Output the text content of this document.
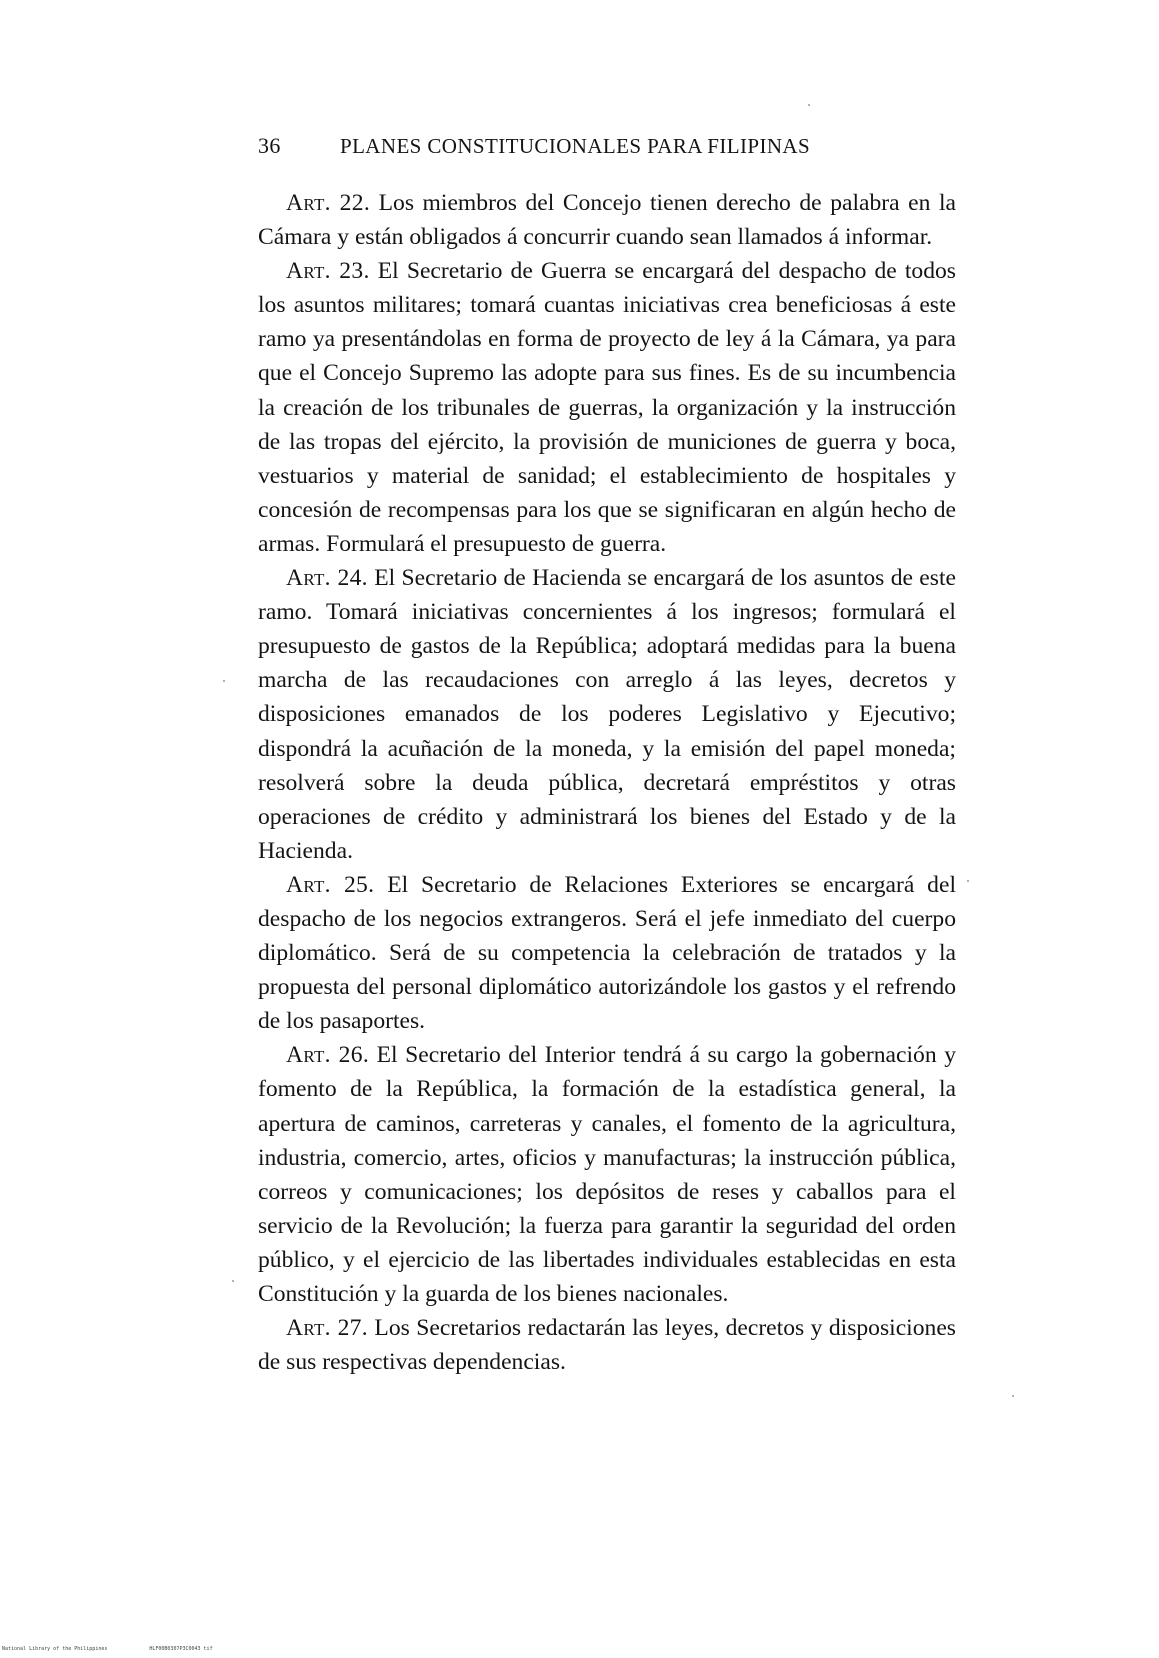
36	PLANES CONSTITUCIONALES PARA FILIPINAS

Art. 22. Los miembros del Concejo tienen derecho de palabra en la Cámara y están obligados á concurrir cuando sean llamados á informar.

Art. 23. El Secretario de Guerra se encargará del despacho de todos los asuntos militares; tomará cuantas iniciativas crea beneficiosas á este ramo ya presentándolas en forma de proyecto de ley á la Cámara, ya para que el Concejo Supremo las adopte para sus fines. Es de su incumbencia la creación de los tribunales de guerras, la organización y la instrucción de las tropas del ejército, la provisión de municiones de guerra y boca, vestuarios y material de sanidad; el establecimiento de hospitales y concesión de recompensas para los que se significaran en algún hecho de armas. Formulará el presupuesto de guerra.

Art. 24. El Secretario de Hacienda se encargará de los asuntos de este ramo. Tomará iniciativas concernientes á los ingresos; formulará el presupuesto de gastos de la República; adoptará medidas para la buena marcha de las recaudaciones con arreglo á las leyes, decretos y disposiciones emanados de los poderes Legislativo y Ejecutivo; dispondrá la acuñación de la moneda, y la emisión del papel moneda; resolverá sobre la deuda pública, decretará empréstitos y otras operaciones de crédito y administrará los bienes del Estado y de la Hacienda.

Art. 25. El Secretario de Relaciones Exteriores se encargará del despacho de los negocios extrangeros. Será el jefe inmediato del cuerpo diplomático. Será de su competencia la celebración de tratados y la propuesta del personal diplomático autorizándole los gastos y el refrendo de los pasaportes.

Art. 26. El Secretario del Interior tendrá á su cargo la gobernación y fomento de la República, la formación de la estadística general, la apertura de caminos, carreteras y canales, el fomento de la agricultura, industria, comercio, artes, oficios y manufacturas; la instrucción pública, correos y comunicaciones; los depósitos de reses y caballos para el servicio de la Revolución; la fuerza para garantir la seguridad del orden público, y el ejercicio de las libertades individuales establecidas en esta Constitución y la guarda de los bienes nacionales.

Art. 27. Los Secretarios redactarán las leyes, decretos y disposiciones de sus respectivas dependencias.

National Library of the Philippines	HLF00B0307P3C0043 tif
